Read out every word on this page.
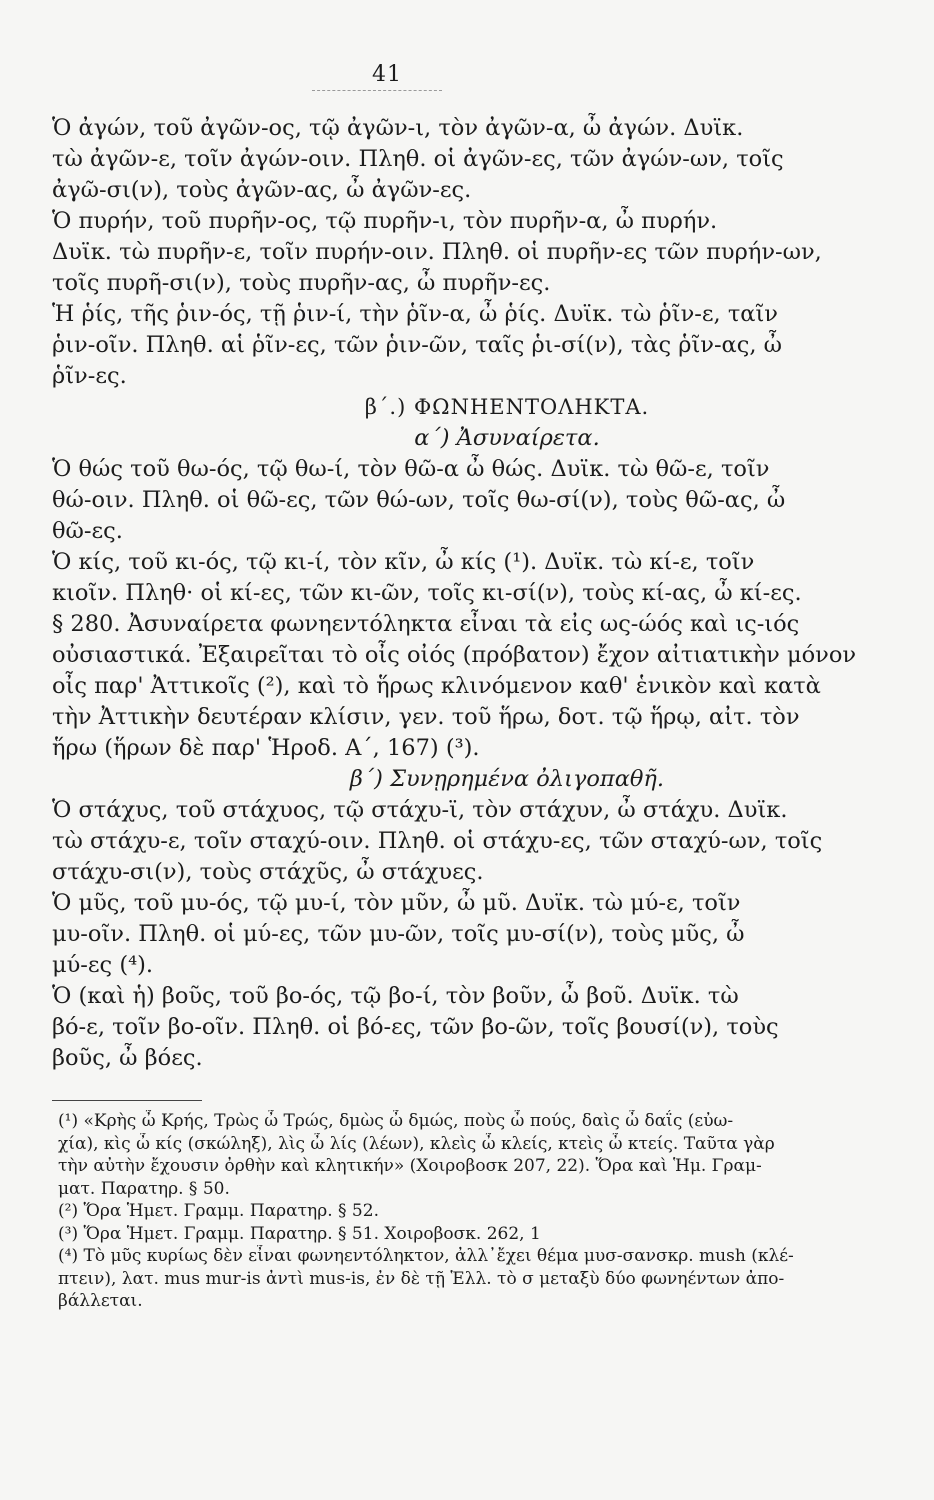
41
Ὁ ἀγών, τοῦ ἀγῶν-ος, τῷ ἀγῶν-ι, τὸν ἀγῶν-α, ὦ ἀγών. Δυϊκ.
τὼ ἀγῶν-ε, τοῖν ἀγών-οιν. Πληθ. οἱ ἀγῶν-ες, τῶν ἀγών-ων, τοῖς
ἀγῶ-σι(ν), τοὺς ἀγῶν-ας, ὦ ἀγῶν-ες.
Ὁ πυρήν, τοῦ πυρῆν-ος, τῷ πυρῆν-ι, τὸν πυρῆν-α, ὦ πυρήν.
Δυϊκ. τὼ πυρῆν-ε, τοῖν πυρήν-οιν. Πληθ. οἱ πυρῆν-ες τῶν πυρήν-ων,
τοῖς πυρῆ-σι(ν), τοὺς πυρῆν-ας, ὦ πυρῆν-ες.
Ἡ ῥίς, τῆς ῥιν-ός, τῇ ῥιν-ί, τὴν ῥῖν-α, ὦ ῥίς. Δυϊκ. τὼ ῥῖν-ε, ταῖν
ῥιν-οῖν. Πληθ. αἱ ῥῖν-ες, τῶν ῥιν-ῶν, ταῖς ῥι-σί(ν), τὰς ῥῖν-ας, ὦ
ῥῖν-ες.
β΄.) ΦΩΝΗΕΝΤΟΛΗΚΤΑ.
α΄) Ἀσυναίρετα.
Ὁ θώς τοῦ θω-ός, τῷ θω-ί, τὸν θῶ-α ὦ θώς. Δυϊκ. τὼ θῶ-ε, τοῖν
θώ-οιν. Πληθ. οἱ θῶ-ες, τῶν θώ-ων, τοῖς θω-σί(ν), τοὺς θῶ-ας, ὦ
θῶ-ες.
Ὁ κίς, τοῦ κι-ός, τῷ κι-ί, τὸν κῖν, ὦ κίς (¹). Δυϊκ. τὼ κί-ε, τοῖν
κιοῖν. Πληθ· οἱ κί-ες, τῶν κι-ῶν, τοῖς κι-σί(ν), τοὺς κί-ας, ὦ κί-ες.
§ 280. Ἀσυναίρετα φωνηεντόληκτα εἶναι τὰ εἰς ως-ώός καὶ ις-ιός
οὐσιαστικά. Ἐξαιρεῖται τὸ οἶς οἰός (πρόβατον) ἔχον αἰτιατικὴν μόνον
οἶς παρ' Ἀττικοῖς (²), καὶ τὸ ἥρως κλινόμενον καθ' ἑνικὸν καὶ κατὰ
τὴν Ἀττικὴν δευτέραν κλίσιν, γεν. τοῦ ἥρω, δοτ. τῷ ἥρῳ, αἰτ. τὸν
ἥρω (ἥρων δὲ παρ' Ἡροδ. Α΄, 167) (³).
β΄) Συνῃρημένα ὀλιγοπαθῆ.
Ὁ στάχυς, τοῦ στάχυος, τῷ στάχυ-ϊ, τὸν στάχυν, ὦ στάχυ. Δυϊκ.
τὼ στάχυ-ε, τοῖν σταχύ-οιν. Πληθ. οἱ στάχυ-ες, τῶν σταχύ-ων, τοῖς
στάχυ-σι(ν), τοὺς στάχῦς, ὦ στάχυες.
Ὁ μῦς, τοῦ μυ-ός, τῷ μυ-ί, τὸν μῦν, ὦ μῦ. Δυϊκ. τὼ μύ-ε, τοῖν
μυ-οῖν. Πληθ. οἱ μύ-ες, τῶν μυ-ῶν, τοῖς μυ-σί(ν), τοὺς μῦς, ὦ
μύ-ες (⁴).
Ὁ (καὶ ἡ) βοῦς, τοῦ βο-ός, τῷ βο-ί, τὸν βοῦν, ὦ βοῦ. Δυϊκ. τὼ
βό-ε, τοῖν βο-οῖν. Πληθ. οἱ βό-ες, τῶν βο-ῶν, τοῖς βουσί(ν), τοὺς
βοῦς, ὦ βόες.
(¹) «Κρὴς ὦ Κρής, Τρὼς ὦ Τρώς, δμὼς ὦ δμώς, ποὺς ὦ πούς, δαὶς ὦ δαΐς (εὐω-
χία), κὶς ὦ κίς (σκώληξ), λὶς ὦ λίς (λέων), κλεὶς ὦ κλείς, κτεὶς ὦ κτείς. Ταῦτα γὰρ
τὴν αὐτὴν ἔχουσιν ὀρθὴν καὶ κλητικήν» (Χοιροβοσκ 207, 22). Ὅρα καὶ Ἡμ. Γραμ-
ματ. Παρατηρ. § 50.
(²) Ὅρα Ἡμετ. Γραμμ. Παρατηρ. § 52.
(³) Ὅρα Ἡμετ. Γραμμ. Παρατηρ. § 51. Χοιροβοσκ. 262, 1
(⁴) Τὸ μῦς κυρίως δὲν εἶναι φωνηεντόληκτον, ἀλλ᾽ἔχει θέμα μυσ-σανσκρ. mush (κλέ-
πτειν), λατ. mus mur-is ἀντὶ mus-is, ἐν δὲ τῇ Ἑλλ. τὸ σ μεταξὺ δύο φωνηέντων ἀπο-
βάλλεται.
